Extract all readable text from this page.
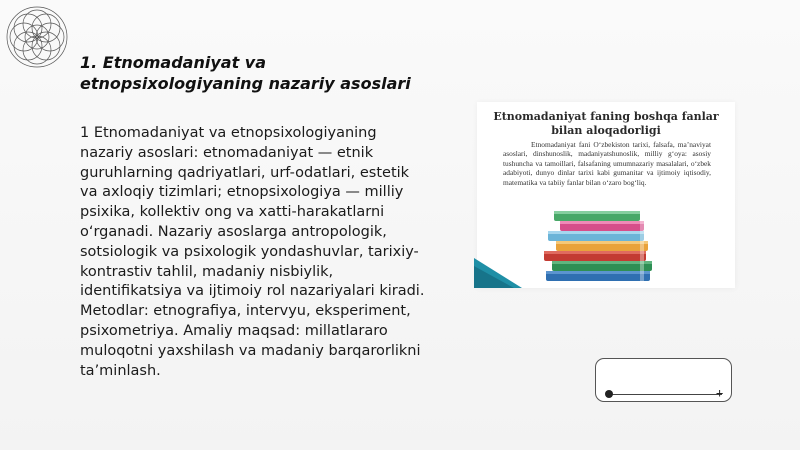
1. Etnomadaniyat va etnopsixologiyaning nazariy asoslari
1 Etnomadaniyat va etnopsixologiyaning nazariy asoslari: etnomadaniyat — etnik guruhlarning qadriyatlari, urf-odatlari, estetik va axloqiy tizimlari; etnopsixologiya — milliy psixika, kollektiv ong va xatti-harakatlarni o‘rganadi. Nazariy asoslarga antropologik, sotsiologik va psixologik yondashuvlar, tarixiy-kontrastiv tahlil, madaniy nisbiylik, identifikatsiya va ijtimoiy rol nazariyalari kiradi. Metodlar: etnografiya, intervyu, eksperiment, psixometriya. Amaliy maqsad: millatlararo muloqotni yaxshilash va madaniy barqarorlikni ta’minlash.
Etnomadaniyat faning boshqa fanlar
bilan aloqadorligi
Etnomadaniyat fani O‘zbekiston tarixi, falsafa, ma’naviyat asoslari, dinshunoslik, madaniyatshunoslik, milliy g‘oya: asosiy tushuncha va tamoillari, falsafaning umumnazariy masalalari, o‘zbek adabiyoti, dunyo dinlar tarixi kabi gumanitar va ijtimoiy iqtisodiy, matematika va tabiiy fanlar bilan o‘zaro bog‘liq.
+
